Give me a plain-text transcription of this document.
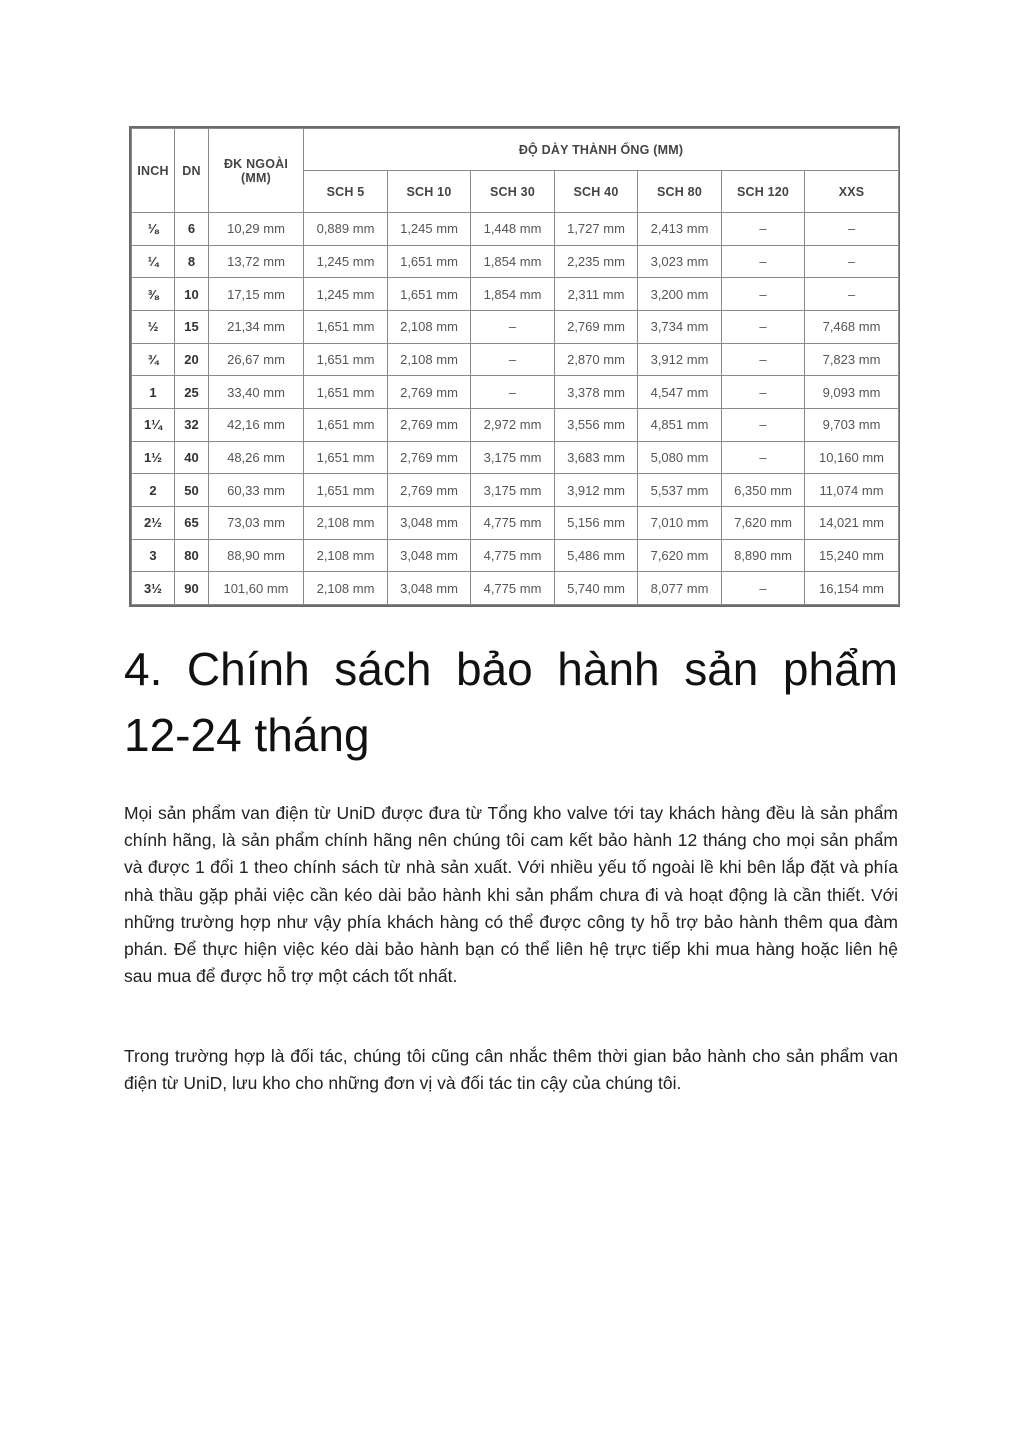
INCH	DN	ĐK NGOÀI (MM)	ĐỘ DÀY THÀNH ỐNG (MM)						
			SCH 5	SCH 10	SCH 30	SCH 40	SCH 80	SCH 120	XXS
⅛	6	10,29 mm	0,889 mm	1,245 mm	1,448 mm	1,727 mm	2,413 mm	–	–
¼	8	13,72 mm	1,245 mm	1,651 mm	1,854 mm	2,235 mm	3,023 mm	–	–
⅜	10	17,15 mm	1,245 mm	1,651 mm	1,854 mm	2,311 mm	3,200 mm	–	–
½	15	21,34 mm	1,651 mm	2,108 mm	–	2,769 mm	3,734 mm	–	7,468 mm
¾	20	26,67 mm	1,651 mm	2,108 mm	–	2,870 mm	3,912 mm	–	7,823 mm
1	25	33,40 mm	1,651 mm	2,769 mm	–	3,378 mm	4,547 mm	–	9,093 mm
1¼	32	42,16 mm	1,651 mm	2,769 mm	2,972 mm	3,556 mm	4,851 mm	–	9,703 mm
1½	40	48,26 mm	1,651 mm	2,769 mm	3,175 mm	3,683 mm	5,080 mm	–	10,160 mm
2	50	60,33 mm	1,651 mm	2,769 mm	3,175 mm	3,912 mm	5,537 mm	6,350 mm	11,074 mm
2½	65	73,03 mm	2,108 mm	3,048 mm	4,775 mm	5,156 mm	7,010 mm	7,620 mm	14,021 mm
3	80	88,90 mm	2,108 mm	3,048 mm	4,775 mm	5,486 mm	7,620 mm	8,890 mm	15,240 mm
3½	90	101,60 mm	2,108 mm	3,048 mm	4,775 mm	5,740 mm	8,077 mm	–	16,154 mm
4. Chính sách bảo hành sản phẩm 12-24 tháng

Mọi sản phẩm van điện từ UniD được đưa từ Tổng kho valve tới tay khách hàng đều là sản phẩm chính hãng, là sản phẩm chính hãng nên chúng tôi cam kết bảo hành 12 tháng cho mọi sản phẩm và được 1 đổi 1 theo chính sách từ nhà sản xuất. Với nhiều yếu tố ngoài lề khi bên lắp đặt và phía nhà thầu gặp phải việc cần kéo dài bảo hành khi sản phẩm chưa đi và hoạt động là cần thiết. Với những trường hợp như vậy phía khách hàng có thể được công ty hỗ trợ bảo hành thêm qua đàm phán. Để thực hiện việc kéo dài bảo hành bạn có thể liên hệ trực tiếp khi mua hàng hoặc liên hệ sau mua để được hỗ trợ một cách tốt nhất.

Trong trường hợp là đối tác, chúng tôi cũng cân nhắc thêm thời gian bảo hành cho sản phẩm van điện từ UniD, lưu kho cho những đơn vị và đối tác tin cậy của chúng tôi.
